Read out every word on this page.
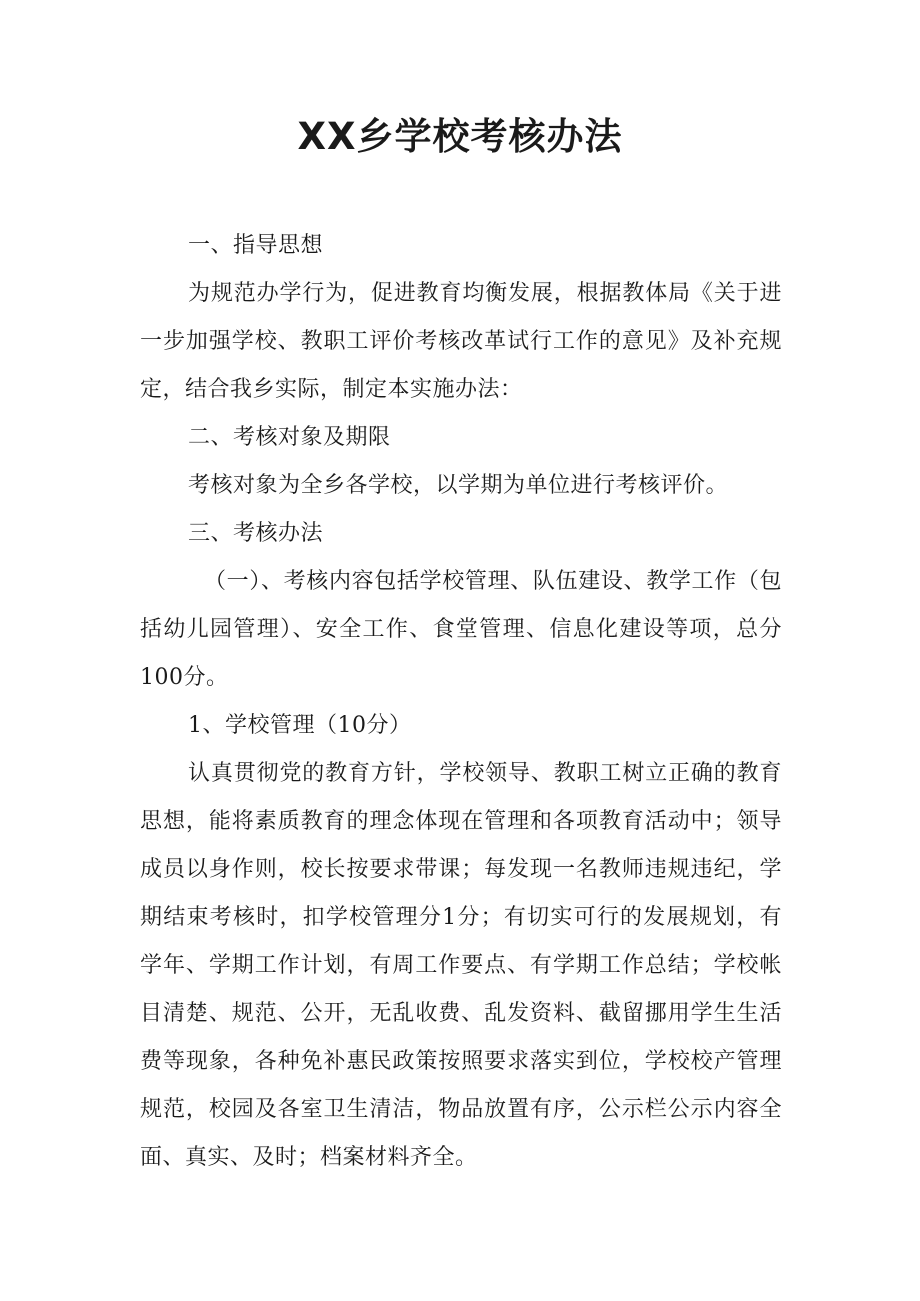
XX乡学校考核办法

一、指导思想

为规范办学行为，促进教育均衡发展，根据教体局《关于进一步加强学校、教职工评价考核改革试行工作的意见》及补充规定，结合我乡实际，制定本实施办法：

二、考核对象及期限

考核对象为全乡各学校，以学期为单位进行考核评价。

三、考核办法

（一）、考核内容包括学校管理、队伍建设、教学工作（包括幼儿园管理）、安全工作、食堂管理、信息化建设等项，总分100分。

1、学校管理（10分）

认真贯彻党的教育方针，学校领导、教职工树立正确的教育思想，能将素质教育的理念体现在管理和各项教育活动中；领导成员以身作则，校长按要求带课；每发现一名教师违规违纪，学期结束考核时，扣学校管理分1分；有切实可行的发展规划，有学年、学期工作计划，有周工作要点、有学期工作总结；学校帐目清楚、规范、公开，无乱收费、乱发资料、截留挪用学生生活费等现象，各种免补惠民政策按照要求落实到位，学校校产管理规范，校园及各室卫生清洁，物品放置有序，公示栏公示内容全面、真实、及时；档案材料齐全。
